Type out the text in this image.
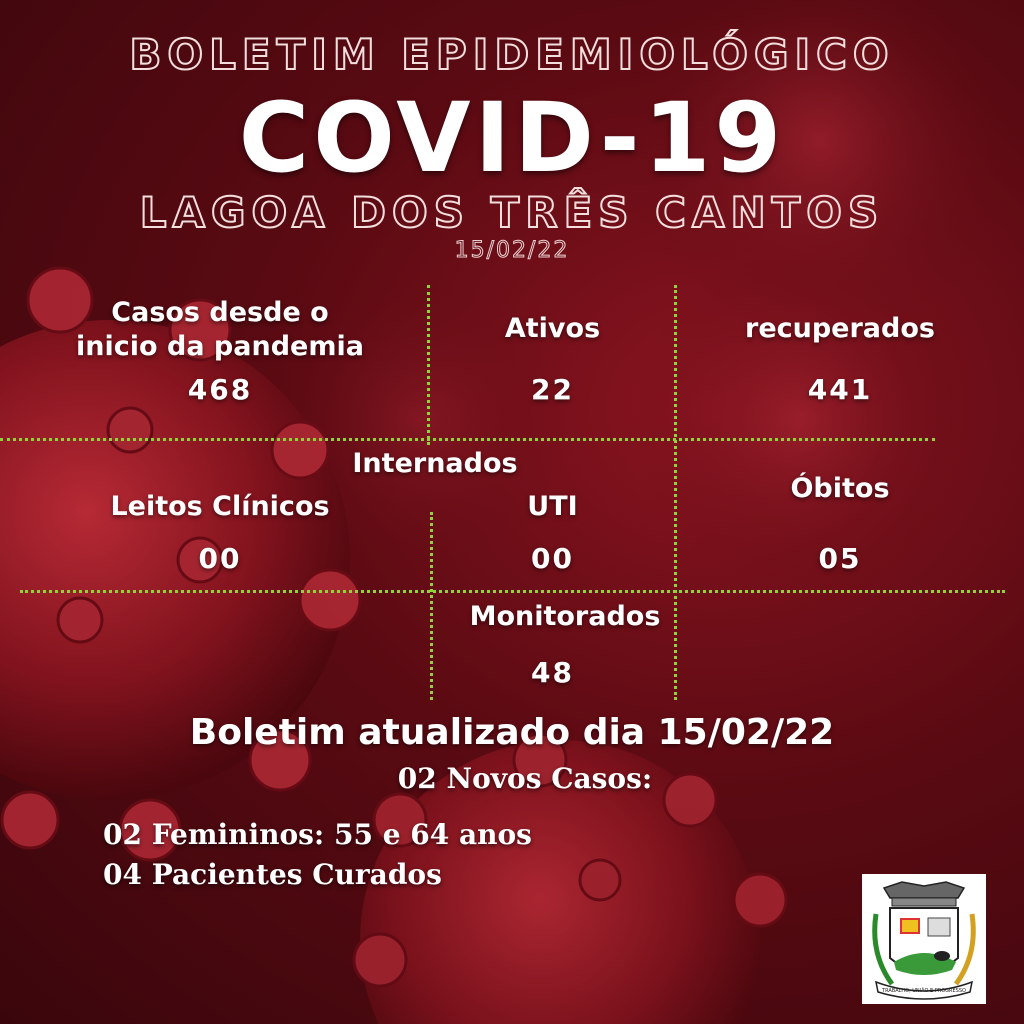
BOLETIM EPIDEMIOLÓGICO
COVID-19
LAGOA DOS TRÊS CANTOS
15/02/22
Casos desde o
inicio da pandemia
468
Ativos
22
recuperados
441
Internados
Leitos Clínicos
00
UTI
00
Óbitos
05
Monitorados
48
Boletim atualizado dia 15/02/22
02 Novos Casos:
02 Femininos: 55 e 64 anos
04 Pacientes Curados
TRABALHO, UNIÃO E PROGRESSO
